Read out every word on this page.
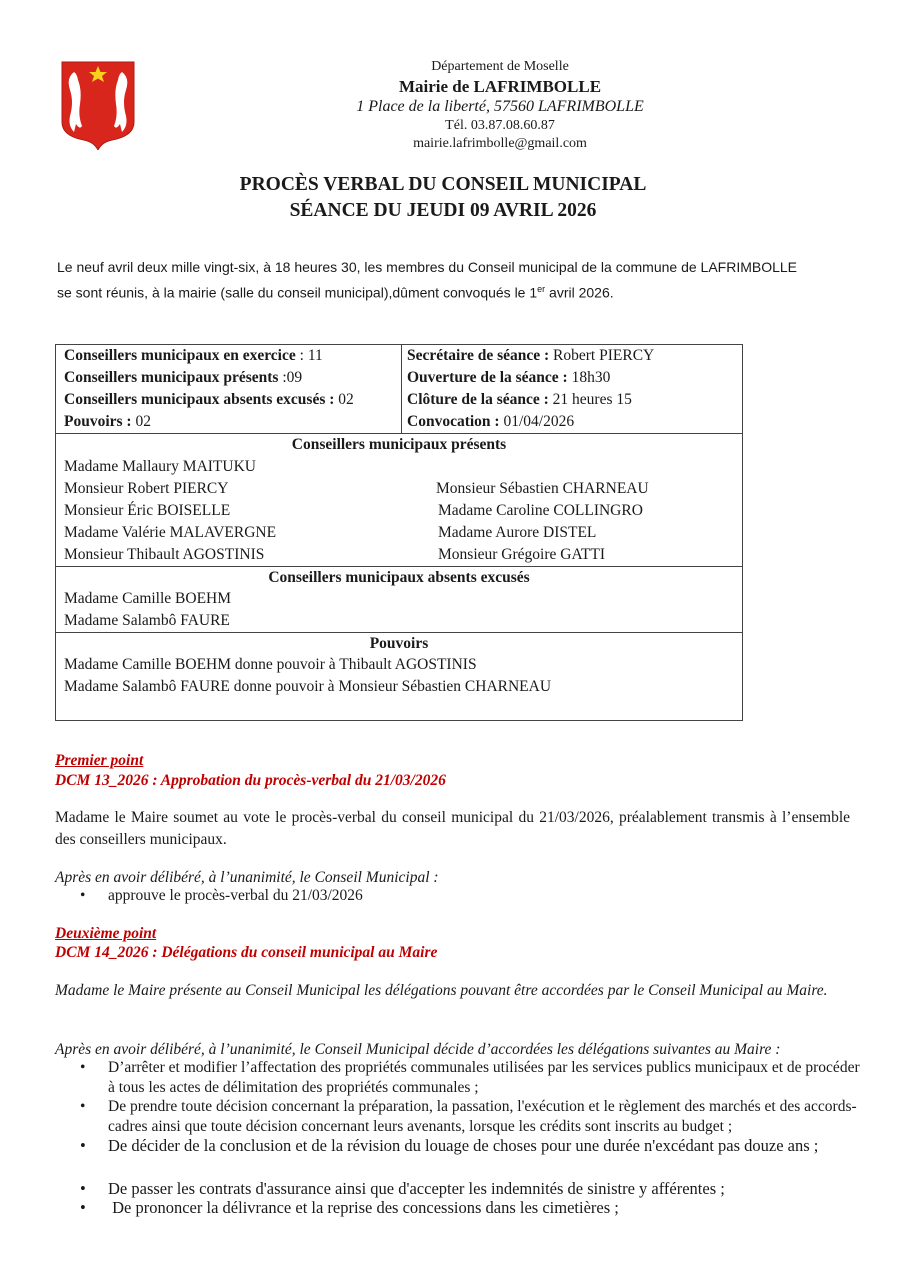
Département de Moselle
Mairie de LAFRIMBOLLE
1 Place de la liberté, 57560 LAFRIMBOLLE
Tél. 03.87.08.60.87
mairie.lafrimbolle@gmail.com
PROCÈS VERBAL DU CONSEIL MUNICIPAL
SÉANCE DU JEUDI 09 AVRIL 2026
Le neuf avril deux mille vingt-six, à 18 heures 30, les membres du Conseil municipal de la commune de LAFRIMBOLLE
se sont réunis, à la mairie (salle du conseil municipal),dûment convoqués le 1er avril 2026.
Conseillers municipaux en exercice : 11
Conseillers municipaux présents :09
Conseillers municipaux absents excusés : 02
Pouvoirs : 02
Secrétaire de séance : Robert PIERCY
Ouverture de la séance : 18h30
Clôture de la séance : 21 heures 15
Convocation : 01/04/2026
Conseillers municipaux présents
Madame Mallaury MAITUKU
Monsieur Robert PIERCY
Monsieur Éric BOISELLE
Madame Valérie MALAVERGNE
Monsieur Thibault AGOSTINIS
Monsieur Sébastien CHARNEAU
Madame Caroline COLLINGRO
Madame Aurore DISTEL
Monsieur Grégoire GATTI
Conseillers municipaux absents excusés
Madame Camille BOEHM
Madame Salambô FAURE
Pouvoirs
Madame Camille BOEHM donne pouvoir à Thibault AGOSTINIS
Madame Salambô FAURE donne pouvoir à Monsieur Sébastien CHARNEAU
Premier point
DCM 13_2026 : Approbation du procès-verbal du 21/03/2026
Madame le Maire soumet au vote le procès-verbal du conseil municipal du 21/03/2026, préalablement transmis à l’ensemble des conseillers municipaux.
Après en avoir délibéré, à l’unanimité, le Conseil Municipal :
• approuve le procès-verbal du 21/03/2026
Deuxième point
DCM 14_2026 : Délégations du conseil municipal au Maire
Madame le Maire présente au Conseil Municipal les délégations pouvant être accordées par le Conseil Municipal au Maire.
Après en avoir délibéré, à l’unanimité, le Conseil Municipal décide d’accordées les délégations suivantes au Maire :
• D’arrêter et modifier l’affectation des propriétés communales utilisées par les services publics municipaux et de procéder à tous les actes de délimitation des propriétés communales ;
• De prendre toute décision concernant la préparation, la passation, l'exécution et le règlement des marchés et des accords-cadres ainsi que toute décision concernant leurs avenants, lorsque les crédits sont inscrits au budget ;
• De décider de la conclusion et de la révision du louage de choses pour une durée n'excédant pas douze ans ;
• De passer les contrats d'assurance ainsi que d'accepter les indemnités de sinistre y afférentes ;
• De prononcer la délivrance et la reprise des concessions dans les cimetières ;
